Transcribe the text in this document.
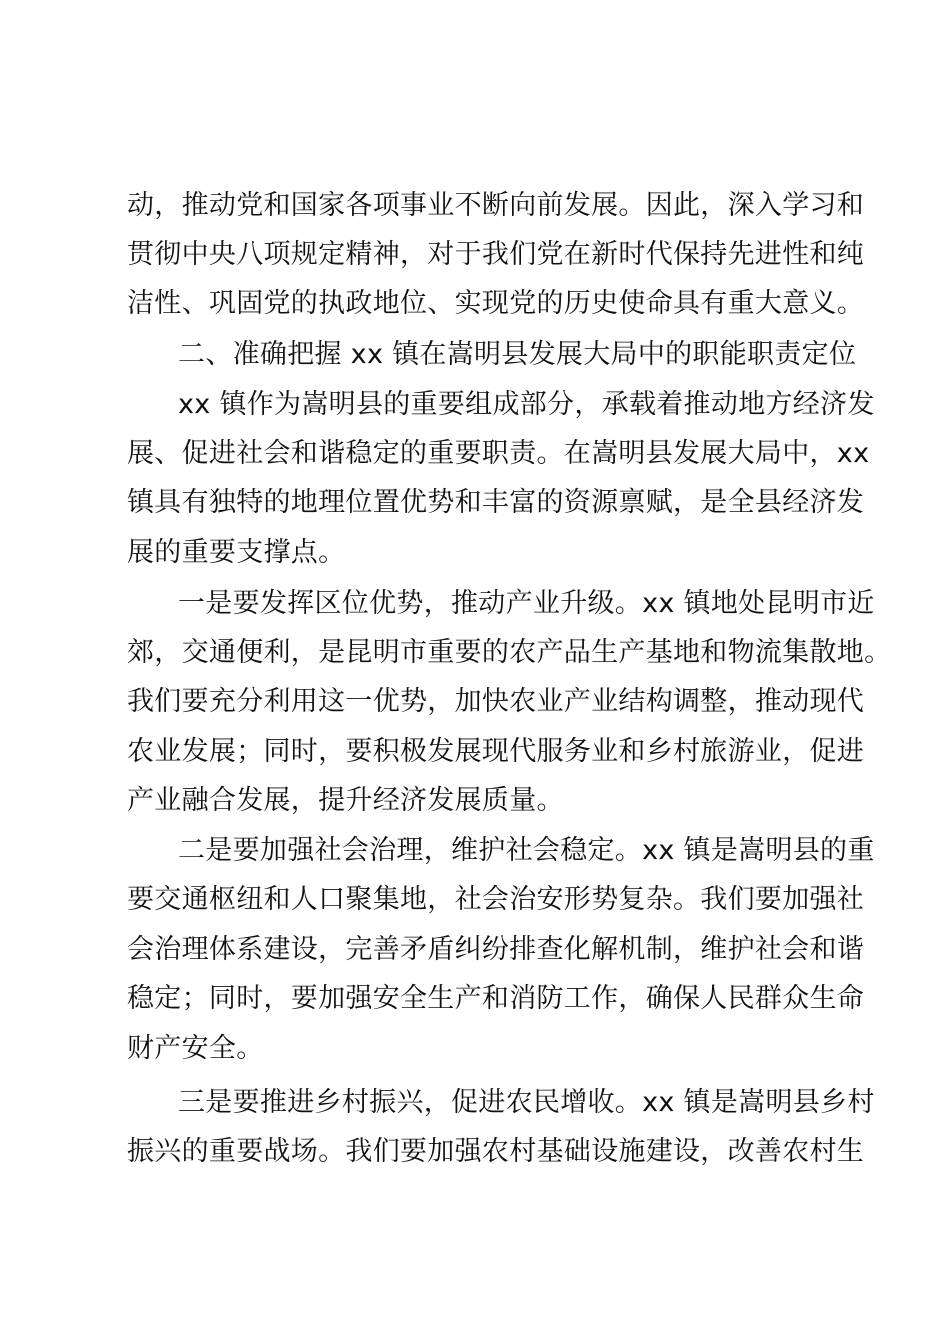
动，推动党和国家各项事业不断向前发展。因此，深入学习和
贯彻中央八项规定精神，对于我们党在新时代保持先进性和纯
洁性、巩固党的执政地位、实现党的历史使命具有重大意义。
二、准确把握 xx 镇在嵩明县发展大局中的职能职责定位
xx 镇作为嵩明县的重要组成部分，承载着推动地方经济发
展、促进社会和谐稳定的重要职责。在嵩明县发展大局中，xx
镇具有独特的地理位置优势和丰富的资源禀赋，是全县经济发
展的重要支撑点。
一是要发挥区位优势，推动产业升级。xx 镇地处昆明市近
郊，交通便利，是昆明市重要的农产品生产基地和物流集散地。
我们要充分利用这一优势，加快农业产业结构调整，推动现代
农业发展；同时，要积极发展现代服务业和乡村旅游业，促进
产业融合发展，提升经济发展质量。
二是要加强社会治理，维护社会稳定。xx 镇是嵩明县的重
要交通枢纽和人口聚集地，社会治安形势复杂。我们要加强社
会治理体系建设，完善矛盾纠纷排查化解机制，维护社会和谐
稳定；同时，要加强安全生产和消防工作，确保人民群众生命
财产安全。
三是要推进乡村振兴，促进农民增收。xx 镇是嵩明县乡村
振兴的重要战场。我们要加强农村基础设施建设，改善农村生
